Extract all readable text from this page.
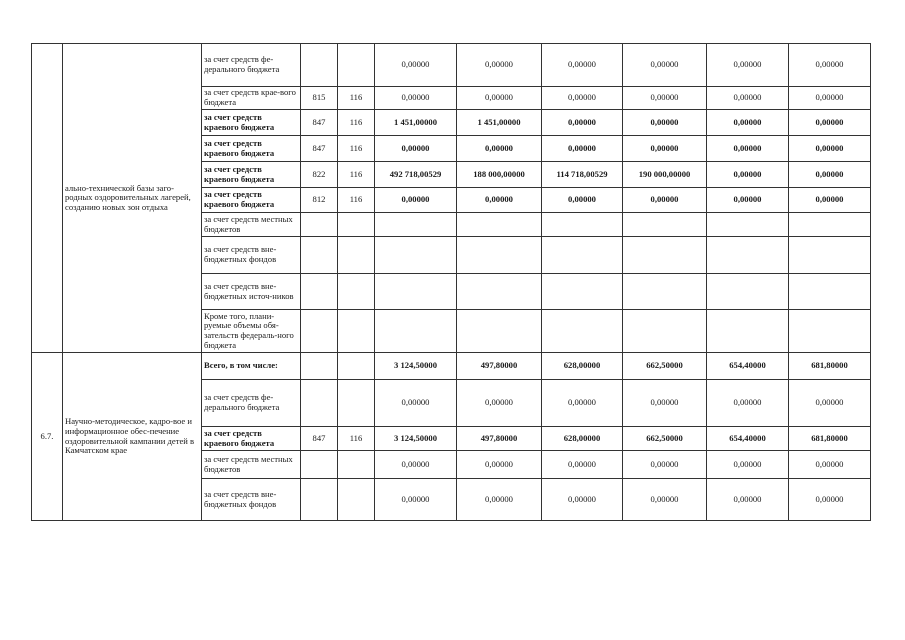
	ально-технической базы заго-родных оздоровительных лагерей, созданию новых зон отдыха	за счет средств фе-дерального бюджета			0,00000	0,00000	0,00000	0,00000	0,00000	0,00000
		за счет средств крае-вого бюджета	815	116	0,00000	0,00000	0,00000	0,00000	0,00000	0,00000
		за счет средств краевого бюджета	847	116	1 451,00000	1 451,00000	0,00000	0,00000	0,00000	0,00000
		за счет средств краевого бюджета	847	116	0,00000	0,00000	0,00000	0,00000	0,00000	0,00000
		за счет средств краевого бюджета	822	116	492 718,00529	188 000,00000	114 718,00529	190 000,00000	0,00000	0,00000
		за счет средств краевого бюджета	812	116	0,00000	0,00000	0,00000	0,00000	0,00000	0,00000
		за счет средств местных бюджетов								
		за счет средств вне-бюджетных фондов								
		за счет средств вне-бюджетных источ-ников								
		Кроме того, плани-руемые объемы обя-зательств федераль-ного бюджета								
6.7.	Научно-методическое, кадро-вое и информационное обес-печение оздоровительной кампании детей в Камчатском крае	Всего, в том числе:			3 124,50000	497,80000	628,00000	662,50000	654,40000	681,80000
		за счет средств фе-дерального бюджета			0,00000	0,00000	0,00000	0,00000	0,00000	0,00000
		за счет средств краевого бюджета	847	116	3 124,50000	497,80000	628,00000	662,50000	654,40000	681,80000
		за счет средств местных бюджетов			0,00000	0,00000	0,00000	0,00000	0,00000	0,00000
		за счет средств вне-бюджетных фондов			0,00000	0,00000	0,00000	0,00000	0,00000	0,00000
